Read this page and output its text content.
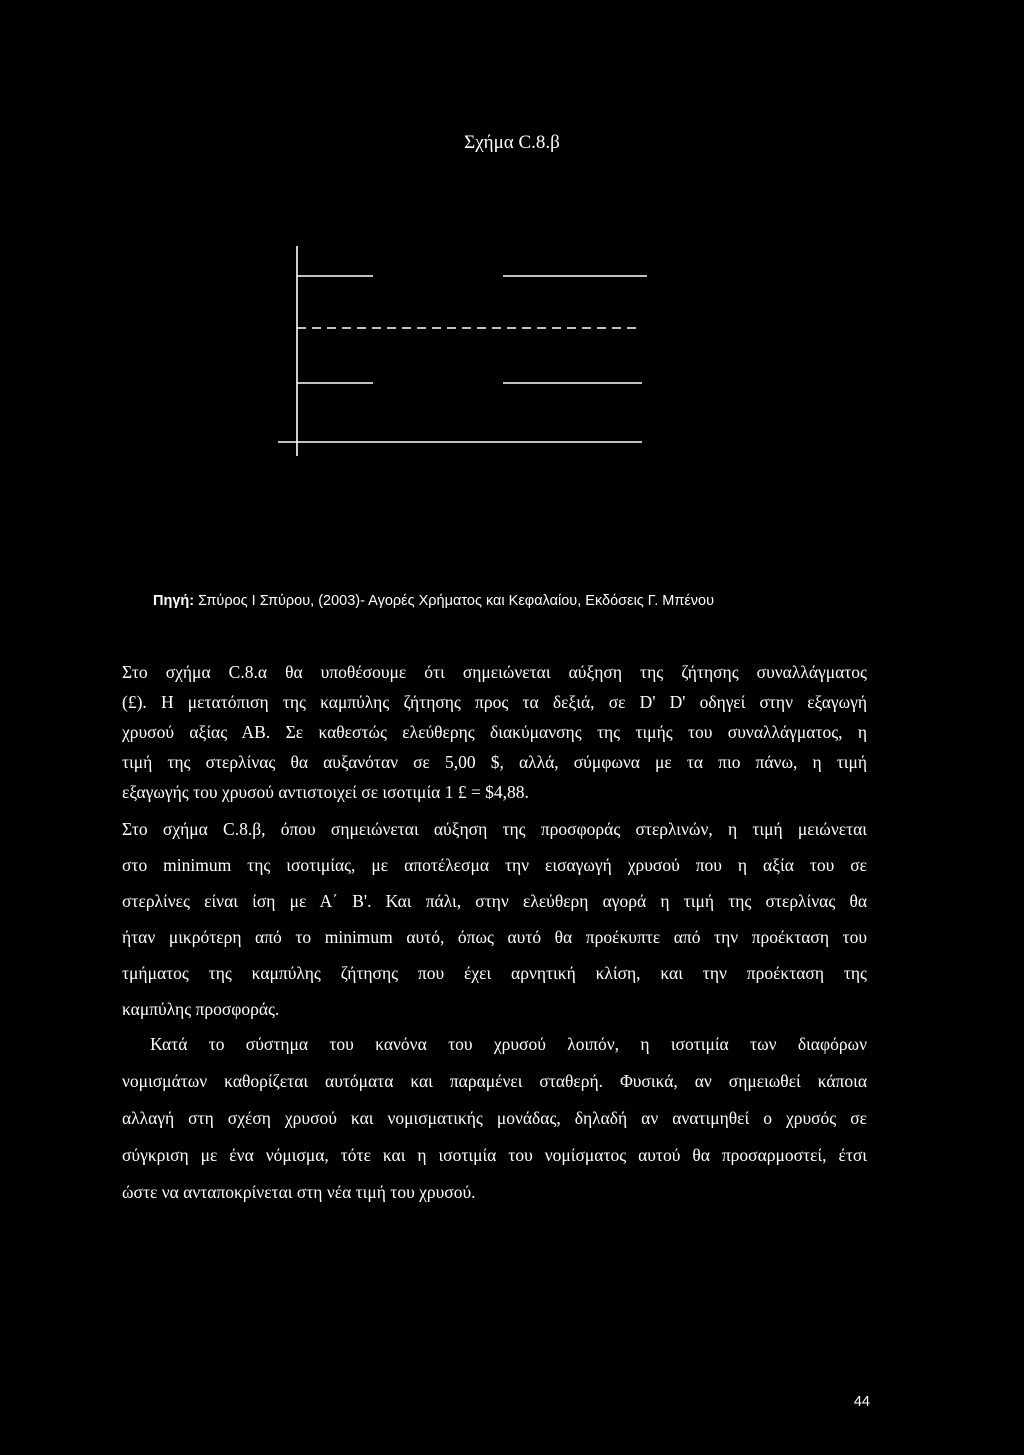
Σχήμα C.8.β
Πηγή: Σπύρος Ι Σπύρου, (2003)- Αγορές Χρήματος και Κεφαλαίου, Εκδόσεις Γ. Μπένου
Στο σχήμα C.8.α θα υποθέσουμε ότι σημειώνεται αύξηση της ζήτησης συναλλάγματος
(£). Η μετατόπιση της καμπύλης ζήτησης προς τα δεξιά, σε D' D' οδηγεί στην εξαγωγή
χρυσού αξίας ΑΒ. Σε καθεστώς ελεύθερης διακύμανσης της τιμής του συναλλάγματος, η
τιμή της στερλίνας θα αυξανόταν σε 5,00 $, αλλά, σύμφωνα με τα πιο πάνω, η τιμή
εξαγωγής του χρυσού αντιστοιχεί σε ισοτιμία 1 £ = $4,88.
Στο σχήμα C.8.β, όπου σημειώνεται αύξηση της προσφοράς στερλινών, η τιμή μειώνεται
στο minimum της ισοτιμίας, με αποτέλεσμα την εισαγωγή χρυσού που η αξία του σε
στερλίνες είναι ίση με Α΄ Β'. Και πάλι, στην ελεύθερη αγορά η τιμή της στερλίνας θα
ήταν μικρότερη από το minimum αυτό, όπως αυτό θα προέκυπτε από την προέκταση του
τμήματος της καμπύλης ζήτησης που έχει αρνητική κλίση, και την προέκταση της
καμπύλης προσφοράς.
Κατά το σύστημα του κανόνα του χρυσού λοιπόν, η ισοτιμία των διαφόρων
νομισμάτων καθορίζεται αυτόματα και παραμένει σταθερή. Φυσικά, αν σημειωθεί κάποια
αλλαγή στη σχέση χρυσού και νομισματικής μονάδας, δηλαδή αν ανατιμηθεί ο χρυσός σε
σύγκριση με ένα νόμισμα, τότε και η ισοτιμία του νομίσματος αυτού θα προσαρμοστεί, έτσι
ώστε να ανταποκρίνεται στη νέα τιμή του χρυσού.
44
